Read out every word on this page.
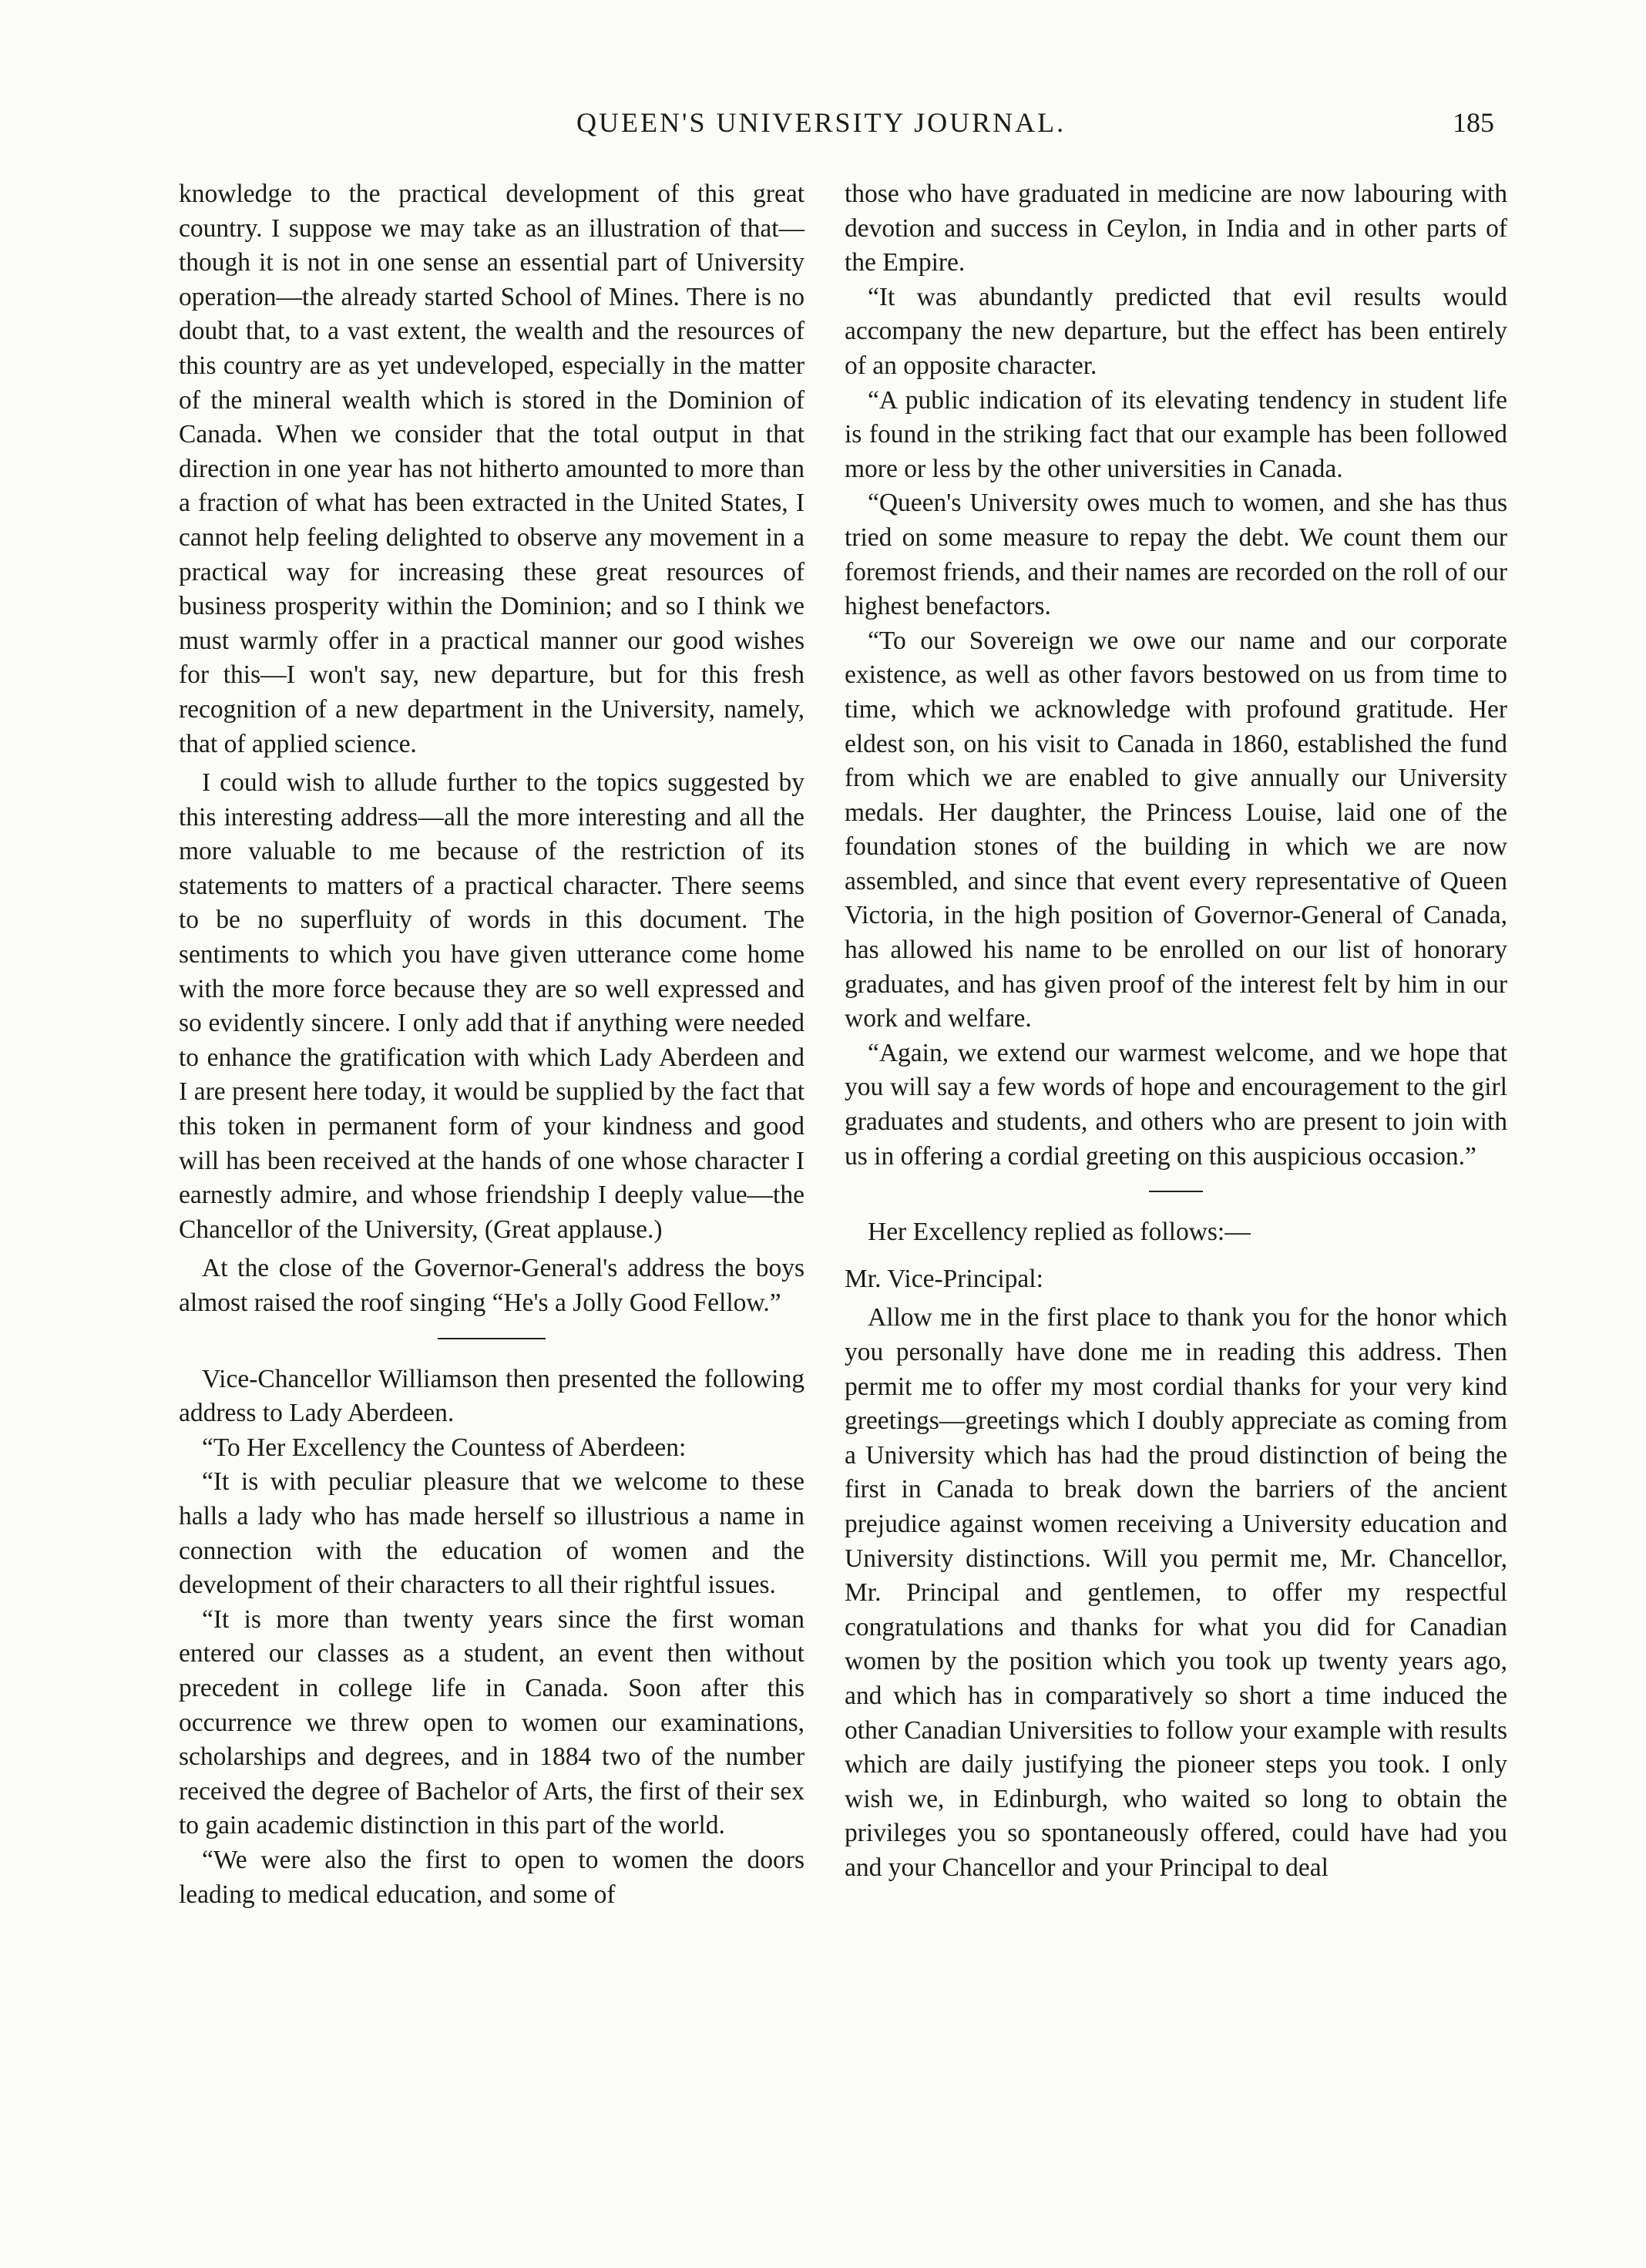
QUEEN'S UNIVERSITY JOURNAL.	185

knowledge to the practical development of this great country. I suppose we may take as an illustration of that—though it is not in one sense an essential part of University operation—the already started School of Mines. There is no doubt that, to a vast extent, the wealth and the resources of this country are as yet undeveloped, especially in the matter of the mineral wealth which is stored in the Dominion of Canada. When we consider that the total output in that direction in one year has not hitherto amounted to more than a fraction of what has been extracted in the United States, I cannot help feeling delighted to observe any movement in a practical way for increasing these great resources of business prosperity within the Dominion; and so I think we must warmly offer in a practical manner our good wishes for this—I won't say, new departure, but for this fresh recognition of a new department in the University, namely, that of applied science.

I could wish to allude further to the topics suggested by this interesting address—all the more interesting and all the more valuable to me because of the restriction of its statements to matters of a practical character. There seems to be no superfluity of words in this document. The sentiments to which you have given utterance come home with the more force because they are so well expressed and so evidently sincere. I only add that if anything were needed to enhance the gratification with which Lady Aberdeen and I are present here today, it would be supplied by the fact that this token in permanent form of your kindness and good will has been received at the hands of one whose character I earnestly admire, and whose friendship I deeply value—the Chancellor of the University, (Great applause.)

At the close of the Governor-General's address the boys almost raised the roof singing “He's a Jolly Good Fellow.”

Vice-Chancellor Williamson then presented the following address to Lady Aberdeen.

“To Her Excellency the Countess of Aberdeen:

“It is with peculiar pleasure that we welcome to these halls a lady who has made herself so illustrious a name in connection with the education of women and the development of their characters to all their rightful issues.

“It is more than twenty years since the first woman entered our classes as a student, an event then without precedent in college life in Canada. Soon after this occurrence we threw open to women our examinations, scholarships and degrees, and in 1884 two of the number received the degree of Bachelor of Arts, the first of their sex to gain academic distinction in this part of the world.

“We were also the first to open to women the doors leading to medical education, and some of

those who have graduated in medicine are now labouring with devotion and success in Ceylon, in India and in other parts of the Empire.

“It was abundantly predicted that evil results would accompany the new departure, but the effect has been entirely of an opposite character.

“A public indication of its elevating tendency in student life is found in the striking fact that our example has been followed more or less by the other universities in Canada.

“Queen's University owes much to women, and she has thus tried on some measure to repay the debt. We count them our foremost friends, and their names are recorded on the roll of our highest benefactors.

“To our Sovereign we owe our name and our corporate existence, as well as other favors bestowed on us from time to time, which we acknowledge with profound gratitude. Her eldest son, on his visit to Canada in 1860, established the fund from which we are enabled to give annually our University medals. Her daughter, the Princess Louise, laid one of the foundation stones of the building in which we are now assembled, and since that event every representative of Queen Victoria, in the high position of Governor-General of Canada, has allowed his name to be enrolled on our list of honorary graduates, and has given proof of the interest felt by him in our work and welfare.

“Again, we extend our warmest welcome, and we hope that you will say a few words of hope and encouragement to the girl graduates and students, and others who are present to join with us in offering a cordial greeting on this auspicious occasion.”

Her Excellency replied as follows:—

Mr. Vice-Principal:

Allow me in the first place to thank you for the honor which you personally have done me in reading this address. Then permit me to offer my most cordial thanks for your very kind greetings—greetings which I doubly appreciate as coming from a University which has had the proud distinction of being the first in Canada to break down the barriers of the ancient prejudice against women receiving a University education and University distinctions. Will you permit me, Mr. Chancellor, Mr. Principal and gentlemen, to offer my respectful congratulations and thanks for what you did for Canadian women by the position which you took up twenty years ago, and which has in comparatively so short a time induced the other Canadian Universities to follow your example with results which are daily justifying the pioneer steps you took. I only wish we, in Edinburgh, who waited so long to obtain the privileges you so spontaneously offered, could have had you and your Chancellor and your Principal to deal
